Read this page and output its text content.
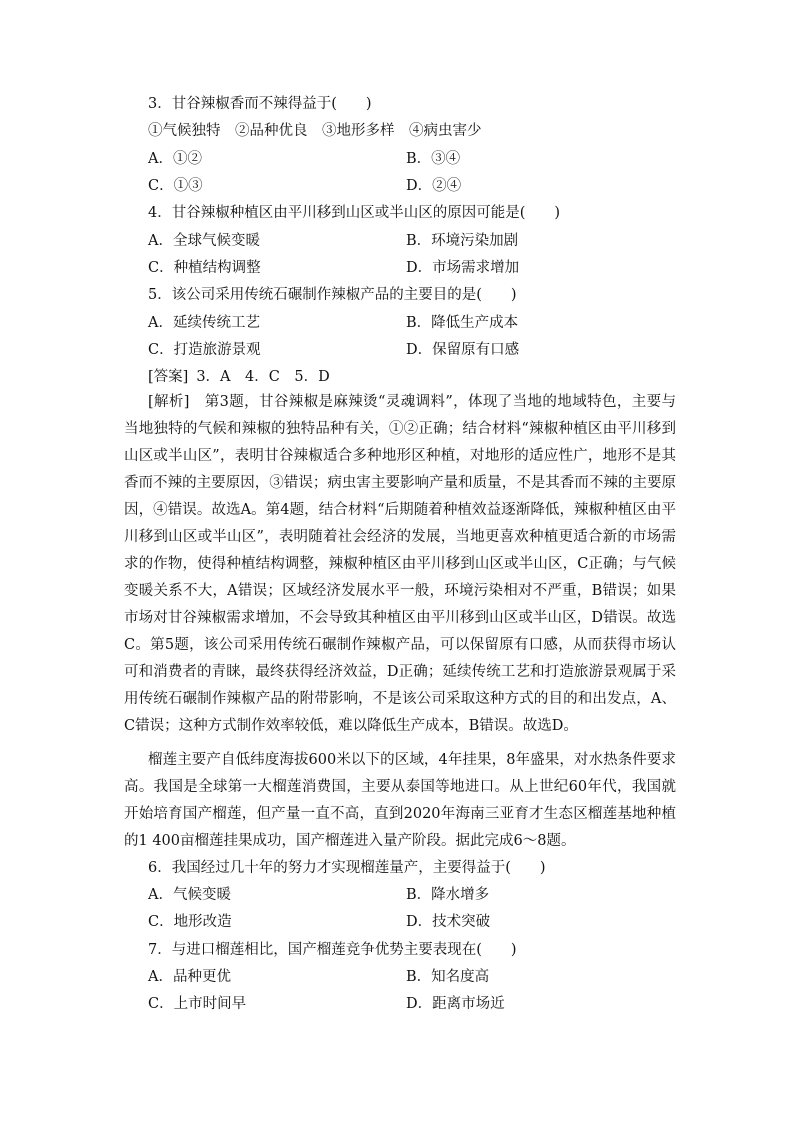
3．甘谷辣椒香而不辣得益于(　　)
①气候独特　②品种优良　③地形多样　④病虫害少
A．①②	B．③④
C．①③	D．②④
4．甘谷辣椒种植区由平川移到山区或半山区的原因可能是(　　)
A．全球气候变暖	B．环境污染加剧
C．种植结构调整	D．市场需求增加
5．该公司采用传统石碾制作辣椒产品的主要目的是(　　)
A．延续传统工艺	B．降低生产成本
C．打造旅游景观	D．保留原有口感
[答案] 3．A　4．C　5．D

[解析]　第3题，甘谷辣椒是麻辣烫“灵魂调料”，体现了当地的地域特色，主要与当地独特的气候和辣椒的独特品种有关，①②正确；结合材料“辣椒种植区由平川移到山区或半山区”，表明甘谷辣椒适合多种地形区种植，对地形的适应性广，地形不是其香而不辣的主要原因，③错误；病虫害主要影响产量和质量，不是其香而不辣的主要原因，④错误。故选A。第4题，结合材料“后期随着种植效益逐渐降低，辣椒种植区由平川移到山区或半山区”，表明随着社会经济的发展，当地更喜欢种植更适合新的市场需求的作物，使得种植结构调整，辣椒种植区由平川移到山区或半山区，C正确；与气候变暖关系不大，A错误；区域经济发展水平一般，环境污染相对不严重，B错误；如果市场对甘谷辣椒需求增加，不会导致其种植区由平川移到山区或半山区，D错误。故选C。第5题，该公司采用传统石碾制作辣椒产品，可以保留原有口感，从而获得市场认可和消费者的青睐，最终获得经济效益，D正确；延续传统工艺和打造旅游景观属于采用传统石碾制作辣椒产品的附带影响，不是该公司采取这种方式的目的和出发点，A、C错误；这种方式制作效率较低，难以降低生产成本，B错误。故选D。

榴莲主要产自低纬度海拔600米以下的区域，4年挂果，8年盛果，对水热条件要求高。我国是全球第一大榴莲消费国，主要从泰国等地进口。从上世纪60年代，我国就开始培育国产榴莲，但产量一直不高，直到2020年海南三亚育才生态区榴莲基地种植的1 400亩榴莲挂果成功，国产榴莲进入量产阶段。据此完成6～8题。

6．我国经过几十年的努力才实现榴莲量产，主要得益于(　　)
A．气候变暖	B．降水增多
C．地形改造	D．技术突破
7．与进口榴莲相比，国产榴莲竞争优势主要表现在(　　)
A．品种更优	B．知名度高
C．上市时间早	D．距离市场近
